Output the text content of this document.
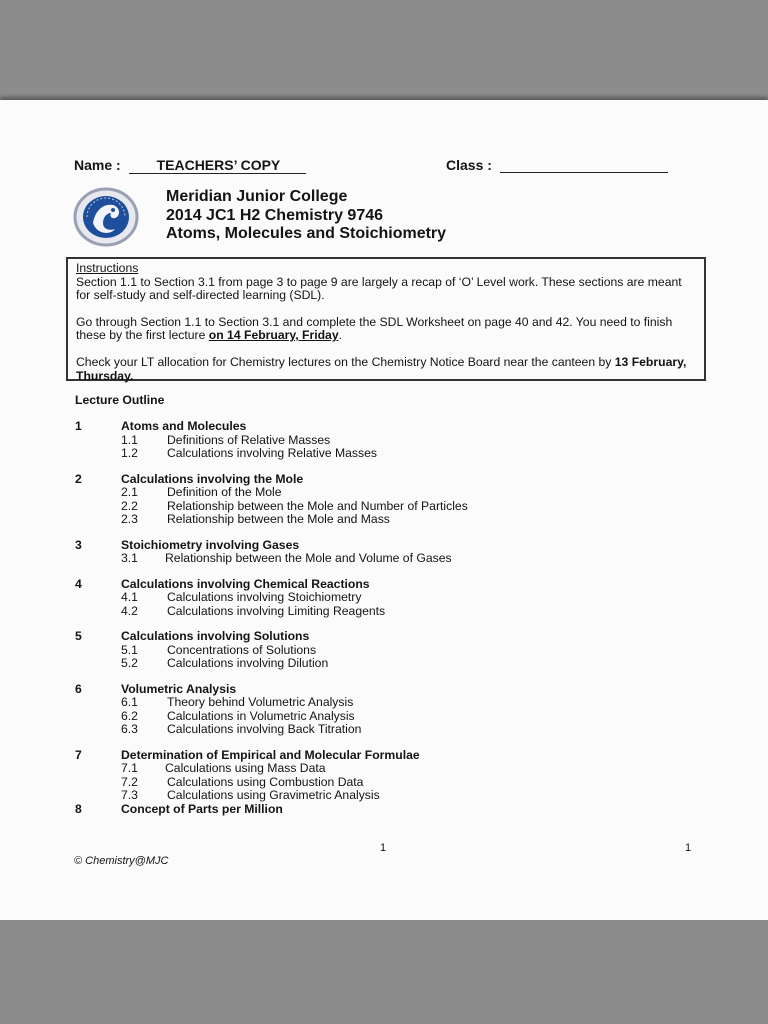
Name :	TEACHERS’ COPY	Class :
Meridian Junior College
2014 JC1 H2 Chemistry 9746
Atoms, Molecules and Stoichiometry
Instructions

Section 1.1 to Section 3.1 from page 3 to page 9 are largely a recap of ‘O’ Level work. These sections are meant for self-study and self-directed learning (SDL).

Go through Section 1.1 to Section 3.1 and complete the SDL Worksheet on page 40 and 42. You need to finish these by the first lecture on 14 February, Friday.

Check your LT allocation for Chemistry lectures on the Chemistry Notice Board near the canteen by 13 February, Thursday.

Lecture Outline
1	Atoms and Molecules
1.1 Definitions of Relative Masses
1.2 Calculations involving Relative Masses
2	Calculations involving the Mole
2.1 Definition of the Mole
2.2 Relationship between the Mole and Number of Particles
2.3 Relationship between the Mole and Mass
3	Stoichiometry involving Gases
3.1 Relationship between the Mole and Volume of Gases
4	Calculations involving Chemical Reactions
4.1 Calculations involving Stoichiometry
4.2 Calculations involving Limiting Reagents
5	Calculations involving Solutions
5.1 Concentrations of Solutions
5.2 Calculations involving Dilution
6	Volumetric Analysis
6.1 Theory behind Volumetric Analysis
6.2 Calculations in Volumetric Analysis
6.3 Calculations involving Back Titration
7	Determination of Empirical and Molecular Formulae
7.1 Calculations using Mass Data
7.2 Calculations using Combustion Data
7.3 Calculations using Gravimetric Analysis
8	Concept of Parts per Million
© Chemistry@MJC
1	1
